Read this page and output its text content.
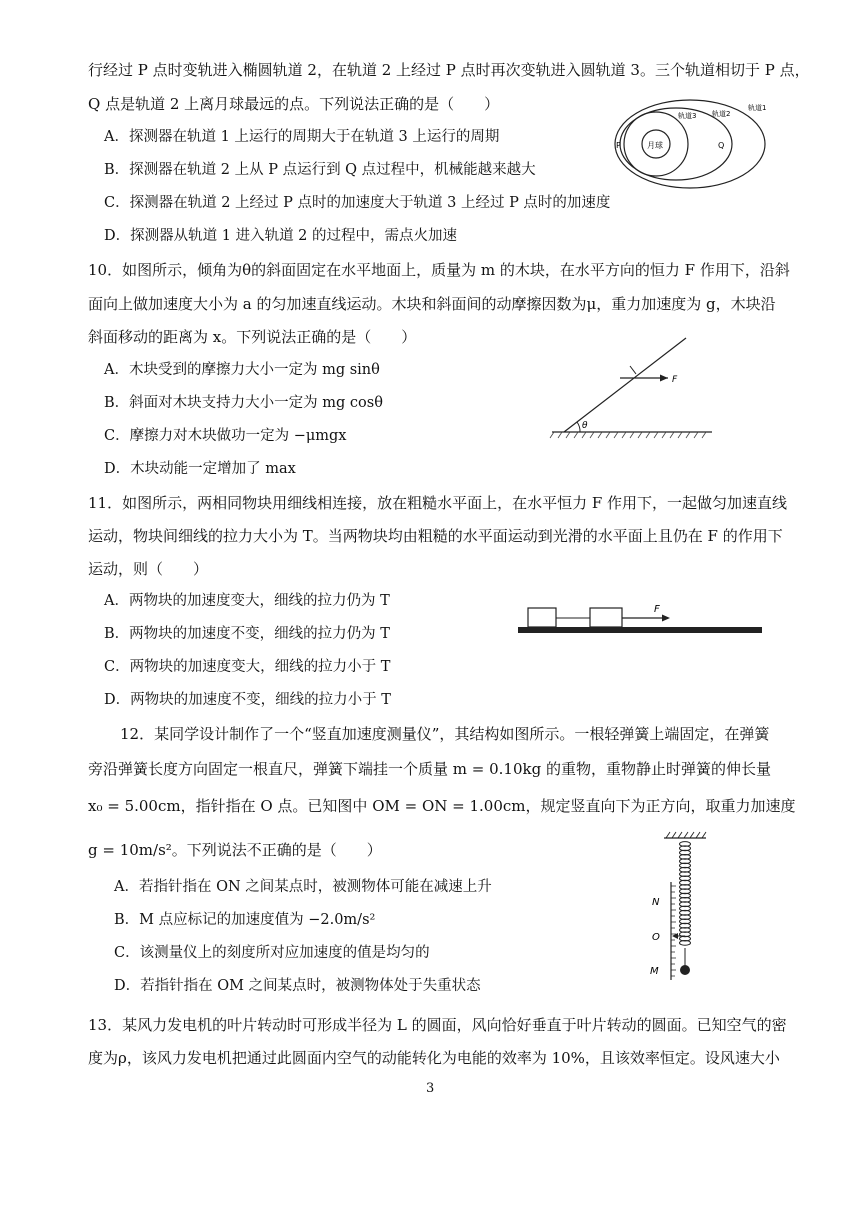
行经过 P 点时变轨进入椭圆轨道 2，在轨道 2 上经过 P 点时再次变轨进入圆轨道 3。三个轨道相切于 P 点，
Q 点是轨道 2 上离月球最远的点。下列说法正确的是（　　）
A．探测器在轨道 1 上运行的周期大于在轨道 3 上运行的周期
B．探测器在轨道 2 上从 P 点运行到 Q 点过程中，机械能越来越大
C．探测器在轨道 2 上经过 P 点时的加速度大于轨道 3 上经过 P 点时的加速度
D．探测器从轨道 1 进入轨道 2 的过程中，需点火加速
月球
轨道3 轨道2
轨道1
P	Q
10．如图所示，倾角为θ的斜面固定在水平地面上，质量为 m 的木块，在水平方向的恒力 F 作用下，沿斜
面向上做加速度大小为 a 的匀加速直线运动。木块和斜面间的动摩擦因数为μ，重力加速度为 g，木块沿
斜面移动的距离为 x。下列说法正确的是（　　）
A．木块受到的摩擦力大小一定为 mg sinθ
B．斜面对木块支持力大小一定为 mg cosθ
C．摩擦力对木块做功一定为 −μmgx
D．木块动能一定增加了 max
θ
F
11．如图所示，两相同物块用细线相连接，放在粗糙水平面上，在水平恒力 F 作用下，一起做匀加速直线
运动，物块间细线的拉力大小为 T。当两物块均由粗糙的水平面运动到光滑的水平面上且仍在 F 的作用下
运动，则（　　）
A．两物块的加速度变大，细线的拉力仍为 T
B．两物块的加速度不变，细线的拉力仍为 T
C．两物块的加速度变大，细线的拉力小于 T
D．两物块的加速度不变，细线的拉力小于 T
F
12．某同学设计制作了一个“竖直加速度测量仪”，其结构如图所示。一根轻弹簧上端固定，在弹簧
旁沿弹簧长度方向固定一根直尺，弹簧下端挂一个质量 m = 0.10kg 的重物，重物静止时弹簧的伸长量
x₀ = 5.00cm，指针指在 O 点。已知图中 OM = ON = 1.00cm，规定竖直向下为正方向，取重力加速度
g = 10m/s²。下列说法不正确的是（　　）
A．若指针指在 ON 之间某点时，被测物体可能在减速上升
B．M 点应标记的加速度值为 −2.0m/s²
C．该测量仪上的刻度所对应加速度的值是均匀的
D．若指针指在 OM 之间某点时，被测物体处于失重状态
N
O
M
13．某风力发电机的叶片转动时可形成半径为 L 的圆面，风向恰好垂直于叶片转动的圆面。已知空气的密
度为ρ，该风力发电机把通过此圆面内空气的动能转化为电能的效率为 10%，且该效率恒定。设风速大小
3
